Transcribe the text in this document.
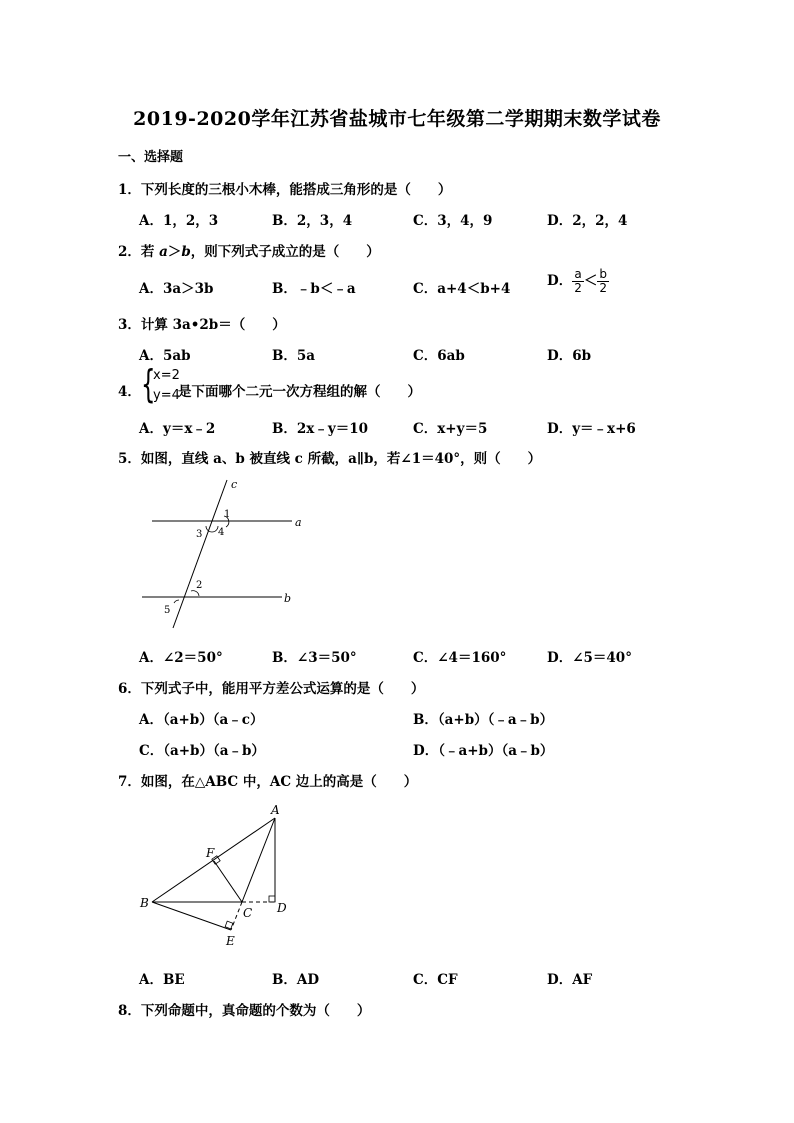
2019-2020学年江苏省盐城市七年级第二学期期末数学试卷
一、选择题
1．下列长度的三根小木棒，能搭成三角形的是（　　）
A．1，2，3	B．2，3，4	C．3，4，9	D．2，2，4
2．若 a＞b，则下列式子成立的是（　　）
A．3a＞3b	B．﹣b＜﹣a	C．a+4＜b+4	D． $\frac{a}{2} < \frac{b}{2}$
3．计算 3a•2b＝（　　）
A．5ab	B．5a	C．6ab	D．6b
4． {
x=2
y=4
是下面哪个二元一次方程组的解（　　）
A．y＝x﹣2	B．2x﹣y＝10	C．x+y＝5	D．y＝﹣x+6
5．如图，直线 a、b 被直线 c 所截，a∥b，若∠1＝40°，则（　　）
c
a
b
1
3 4
2
5
A．∠2＝50°	B．∠3＝50°	C．∠4＝160°	D．∠5＝40°
6．下列式子中，能用平方差公式运算的是（　　）
A．（a+b）（a﹣c）	B．（a+b）（﹣a﹣b）
C．（a+b）（a﹣b）	D．（﹣a+b）（a﹣b）
7．如图，在△ABC 中，AC 边上的高是（　　）
A
B
C D
E
F
A．BE	B．AD	C．CF	D．AF
8．下列命题中，真命题的个数为（　　）
